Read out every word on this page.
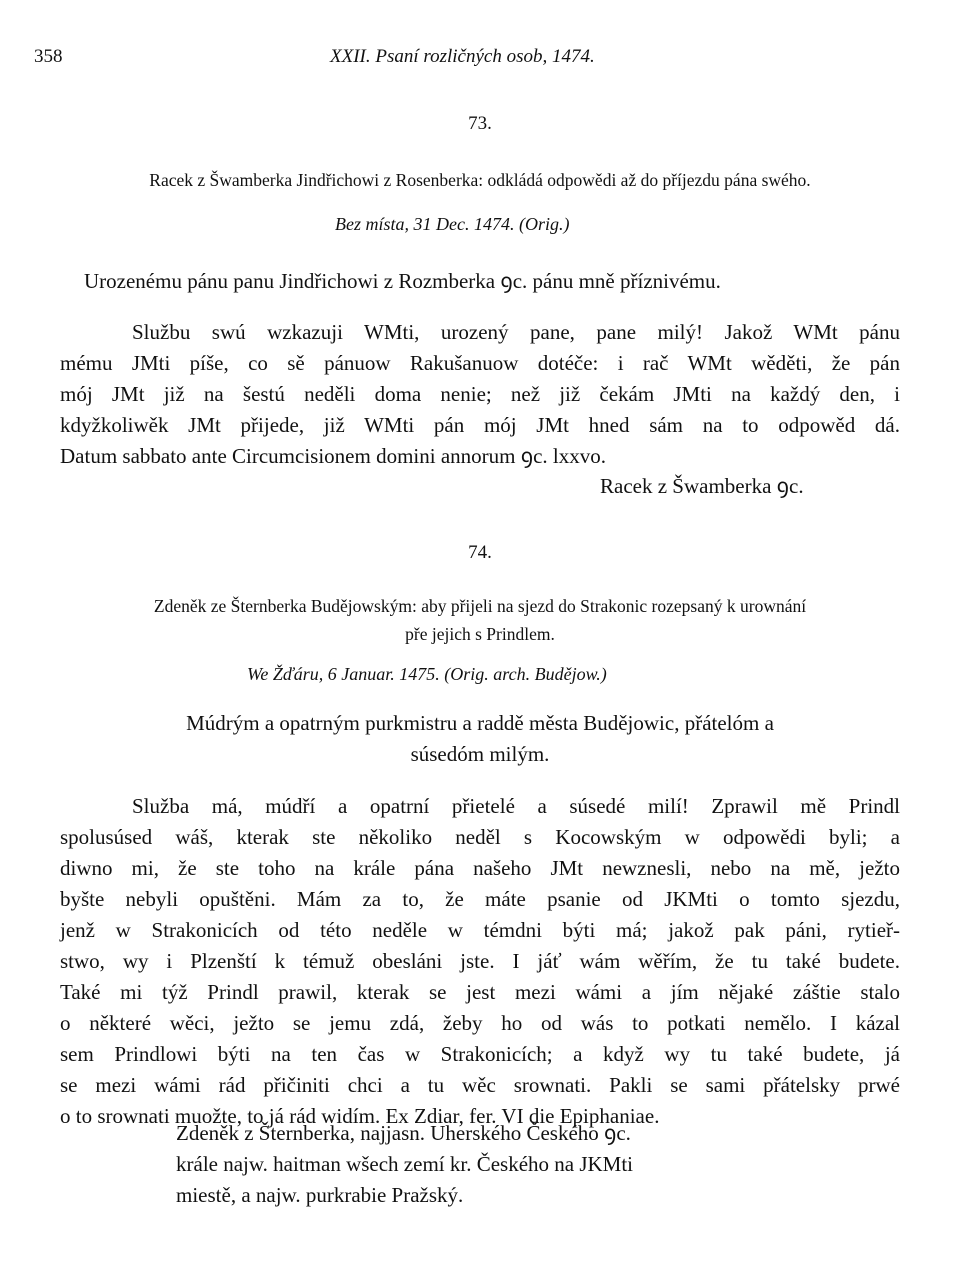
358	XXII. Psaní rozličných osob, 1474.
73.
Racek z Šwamberka Jindřichowi z Rosenberka: odkládá odpowědi až do příjezdu pána swého.
Bez místa, 31 Dec. 1474. (Orig.)
Urozenému pánu panu Jindřichowi z Rozmberka ꝯc. pánu mně příznivému.
Službu swú wzkazuji WMti, urozený pane, pane milý! Jakož WMt pánu
mému JMti píše, co sě pánuow Rakušanuow dotéče: i rač WMt wěděti, že pán
mój JMt již na šestú neděli doma nenie; než již čekám JMti na každý den, i
kdyžkoliwěk JMt přijede, již WMti pán mój JMt hned sám na to odpowěd dá.
Datum sabbato ante Circumcisionem domini annorum ꝯc. lxxvo.
Racek z Šwamberka ꝯc.
74.
Zdeněk ze Šternberka Budějowským: aby přijeli na sjezd do Strakonic rozepsaný k urownání
pře jejich s Prindlem.
We Žďáru, 6 Januar. 1475. (Orig. arch. Budějow.)
Múdrým a opatrným purkmistru a raddě města Budějowic, přátelóm a
súsedóm milým.
Služba má, múdří a opatrní přietelé a súsedé milí! Zprawil mě Prindl
spolusúsed wáš, kterak ste několiko neděl s Kocowským w odpowědi byli; a
diwno mi, že ste toho na krále pána našeho JMt newznesli, nebo na mě, ježto
byšte nebyli opuštěni. Mám za to, že máte psanie od JKMti o tomto sjezdu,
jenž w Strakonicích od této neděle w témdni býti má; jakož pak páni, rytieř-
stwo, wy i Plzenští k témuž obesláni jste. I jáť wám wěřím, že tu také budete.
Také mi týž Prindl prawil, kterak se jest mezi wámi a jím nějaké záštie stalo
o některé wěci, ježto se jemu zdá, žeby ho od wás to potkati nemělo. I kázal
sem Prindlowi býti na ten čas w Strakonicích; a když wy tu také budete, já
se mezi wámi rád přičiniti chci a tu wěc srownati. Pakli se sami přátelsky prwé
o to srownati muožte, to já rád widím. Ex Zdiar, fer. VI die Epiphaniae.
Zdeněk z Šternberka, najjasn. Uherského Českého ꝯc.
krále najw. haitman wšech zemí kr. Českého na JKMti
miestě, a najw. purkrabie Pražský.
